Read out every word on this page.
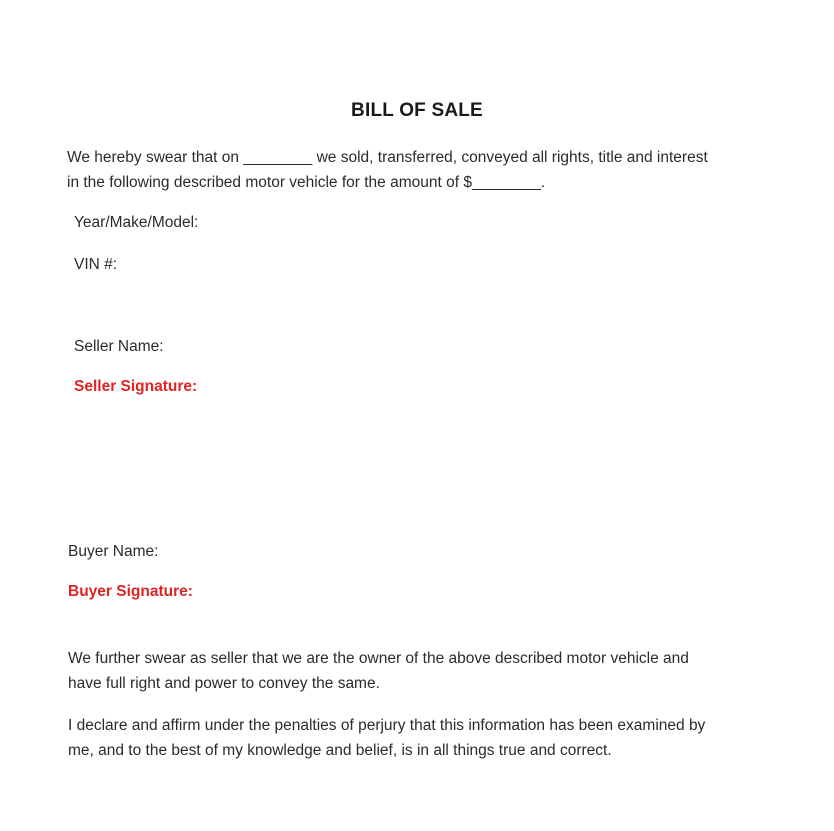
BILL OF SALE
We hereby swear that on ________ we sold, transferred, conveyed all rights, title and interest
in the following described motor vehicle for the amount of $________.
Year/Make/Model:
VIN #:
Seller Name:
Seller Signature:
Buyer Name:
Buyer Signature:
We further swear as seller that we are the owner of the above described motor vehicle and
have full right and power to convey the same.
I declare and affirm under the penalties of perjury that this information has been examined by
me, and to the best of my knowledge and belief, is in all things true and correct.
